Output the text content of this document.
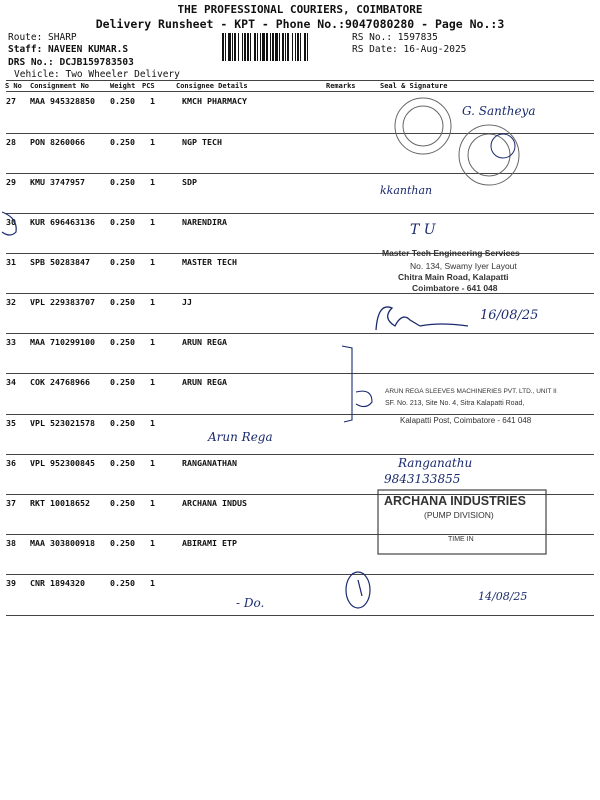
THE PROFESSIONAL COURIERS, COIMBATORE
Delivery Runsheet - KPT - Phone No.:9047080280 - Page No.:3
Route: SHARP
Staff: NAVEEN KUMAR.S
DRS No.: DCJB159783503
Vehicle: Two Wheeler Delivery
RS No.: 1597835
RS Date: 16-Aug-2025
S No Consignment No	Weight PCS	Consignee Details	Remarks	Seal & Signature
27 MAA 945328850 0.250 1	KMCH PHARMACY
28 PON 8260066	0.250 1	NGP TECH
29 KMU 3747957	0.250 1	SDP
30 KUR 696463136 0.250 1	NARENDIRA
31 SPB 50283847 0.250 1	MASTER TECH
32 VPL 229383707 0.250 1	JJ
33 MAA 710299100 0.250 1	ARUN REGA
34 COK 24768966 0.250 1	ARUN REGA
35 VPL 523021578 0.250 1
36 VPL 952300845 0.250 1	RANGANATHAN
37 RKT 10018652 0.250 1	ARCHANA INDUS
38 MAA 303800918 0.250 1	ABIRAMI ETP
39 CNR 1894320	0.250 1
G. Santheya
kkanthan
T U
16/08/25
Arun Rega
Ranganathu
9843133855
14/08/25
- Do.
Master Tech Engineering Services
No. 134, Swamy Iyer Layout
Chitra Main Road, Kalapatti
Coimbatore - 641 048
ARUN REGA SLEEVES MACHINERIES PVT. LTD., UNIT II
SF. No. 213, Site No. 4, Sitra Kalapatti Road,
Kalapatti Post, Coimbatore - 641 048
ARCHANA INDUSTRIES
(PUMP DIVISION)
TIME IN
